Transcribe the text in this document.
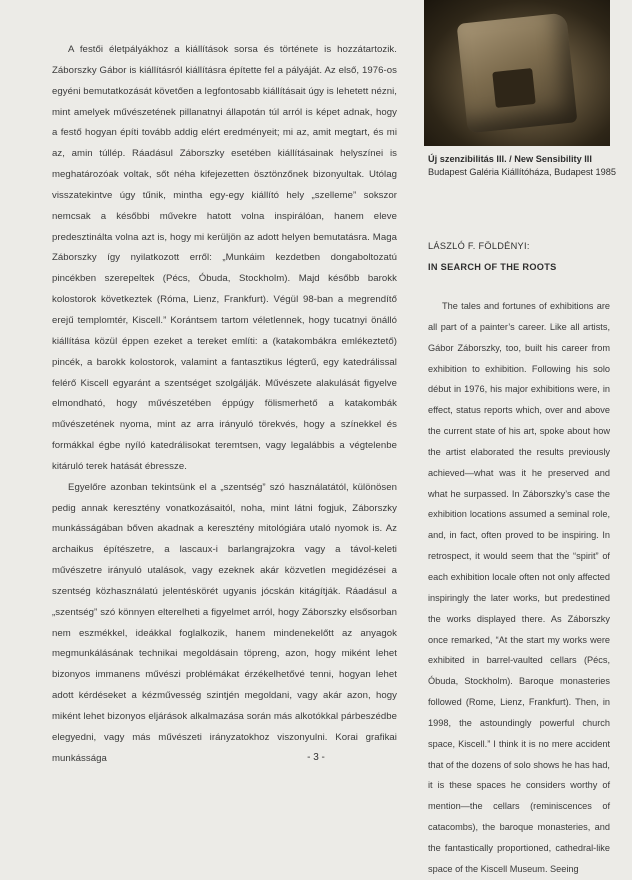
A festői életpályákhoz a kiállítások sorsa és története is hozzátartozik. Záborszky Gábor is kiállításról kiállításra építette fel a pályáját. Az első, 1976-os egyéni bemutatkozását követően a legfontosabb kiállításait úgy is lehetett nézni, mint amelyek művészetének pillanatnyi állapotán túl arról is képet adnak, hogy a festő hogyan építi tovább addig elért eredményeit; mi az, amit megtart, és mi az, amin túllép. Ráadásul Záborszky esetében kiállításainak helyszínei is meghatározóak voltak, sőt néha kifejezetten ösztönzőnek bizonyultak. Utólag visszatekintve úgy tűnik, mintha egy-egy kiállító hely „szelleme” sokszor nemcsak a későbbi művekre hatott volna inspirálóan, hanem eleve predesztinálta volna azt is, hogy mi kerüljön az adott helyen bemutatásra. Maga Záborszky így nyilatkozott erről: „Munkáim kezdetben dongaboltozatú pincékben szerepeltek (Pécs, Óbuda, Stockholm). Majd később barokk kolostorok következtek (Róma, Lienz, Frankfurt). Végül 98-ban a megrendítő erejű templomtér, Kiscell.” Korántsem tartom véletlennek, hogy tucatnyi önálló kiállítása közül éppen ezeket a tereket említi: a (katakombákra emlékeztető) pincék, a barokk kolostorok, valamint a fantasztikus légterű, egy katedrálissal felérő Kiscell egyaránt a szentséget szolgálják. Művészete alakulását figyelve elmondható, hogy művészetében éppúgy fölismerhető a katakombák művészetének nyoma, mint az arra irányuló törekvés, hogy a színekkel és formákkal égbe nyíló katedrálisokat teremtsen, vagy legalábbis a végtelenbe kitáruló terek hatását ébressze.

Egyelőre azonban tekintsünk el a „szentség” szó használatától, különösen pedig annak keresztény vonatkozásaitól, noha, mint látni fogjuk, Záborszky munkásságában bőven akadnak a keresztény mitológiára utaló nyomok is. Az archaikus építészetre, a lascaux-i barlangrajzokra vagy a távol-keleti művészetre irányuló utalások, vagy ezeknek akár közvetlen megidézései a szentség közhasználatú jelentéskörét ugyanis jócskán kitágítják. Ráadásul a „szentség” szó könnyen elterelheti a figyelmet arról, hogy Záborszky elsősorban nem eszmékkel, ideákkal foglalkozik, hanem mindenekelőtt az anyagok megmunkálásának technikai megoldásain töpreng, azon, hogy miként lehet bizonyos immanens művészi problémákat érzékelhetővé tenni, hogyan lehet adott kérdéseket a kézművesség szintjén megoldani, vagy akár azon, hogy miként lehet bizonyos eljárások alkalmazása során más alkotókkal párbeszédbe elegyedni, vagy más művészeti irányzatokhoz viszonyulni. Korai grafikai munkássága

Új szenzibilitás III. / New Sensibility III
Budapest Galéria Kiállítóháza, Budapest 1985
LÁSZLÓ F. FÖLDÉNYI:
IN SEARCH OF THE ROOTS

The tales and fortunes of exhibitions are all part of a painter’s career. Like all artists, Gábor Záborszky, too, built his career from exhibition to exhibition. Following his solo début in 1976, his major exhibitions were, in effect, status reports which, over and above the current state of his art, spoke about how the artist elaborated the results previously achieved—what was it he preserved and what he surpassed. In Záborszky’s case the exhibition locations assumed a seminal role, and, in fact, often proved to be inspiring. In retrospect, it would seem that the “spirit” of each exhibition locale often not only affected inspiringly the later works, but predestined the works displayed there. As Záborszky once remarked, “At the start my works were exhibited in barrel-vaulted cellars (Pécs, Óbuda, Stockholm). Baroque monasteries followed (Rome, Lienz, Frankfurt). Then, in 1998, the astoundingly powerful church space, Kiscell.” I think it is no mere accident that of the dozens of solo shows he has had, it is these spaces he considers worthy of mention—the cellars (reminiscences of catacombs), the baroque monasteries, and the fantastically proportioned, cathedral-like space of the Kiscell Museum. Seeing

- 3 -
